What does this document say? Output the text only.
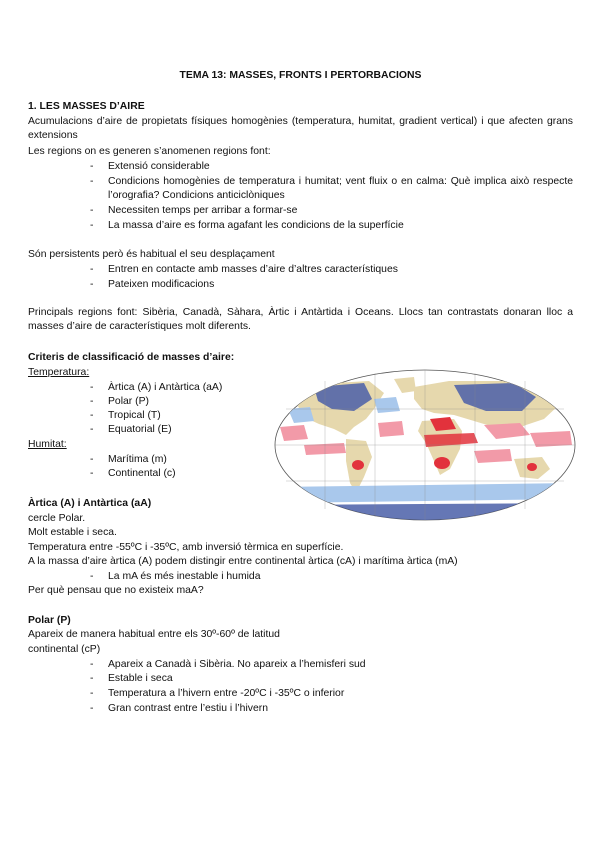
TEMA 13: MASSES, FRONTS I PERTORBACIONS
1. LES MASSES D’AIRE
Acumulacions d’aire de propietats físiques homogènies (temperatura, humitat, gradient vertical) i que afecten grans extensions
Les regions on es generen s’anomenen regions font:
- Extensió considerable
- Condicions homogènies de temperatura i humitat; vent fluix o en calma: Què implica això respecte l’orografia? Condicions anticiclòniques
- Necessiten temps per arribar a formar-se
- La massa d’aire es forma agafant les condicions de la superfície
Són persistents però és habitual el seu desplaçament
- Entren en contacte amb masses d’aire d’altres característiques
- Pateixen modificacions
Principals regions font: Sibèria, Canadà, Sàhara, Àrtic i Antàrtida i Oceans. Llocs tan contrastats donaran lloc a masses d’aire de característiques molt diferents.
Criteris de classificació de masses d’aire:
Temperatura:
- Àrtica (A) i Antàrtica (aA)
- Polar (P)
- Tropical (T)
- Equatorial (E)
Humitat:
- Marítima (m)
- Continental (c)
Àrtica (A) i Antàrtica (aA)
cercle Polar.
Molt estable i seca.
Temperatura entre -55ºC i -35ºC, amb inversió tèrmica en superfície.
A la massa d’aire àrtica (A) podem distingir entre continental àrtica (cA) i marítima àrtica (mA)
- La mA és més inestable i humida
Per què pensau que no existeix maA?
Polar (P)
Apareix de manera habitual entre els 30º-60º de latitud
continental (cP)
- Apareix a Canadà i Sibèria. No apareix a l’hemisferi sud
- Estable i seca
- Temperatura a l’hivern entre -20ºC i -35ºC o inferior
- Gran contrast entre l’estiu i l’hivern
